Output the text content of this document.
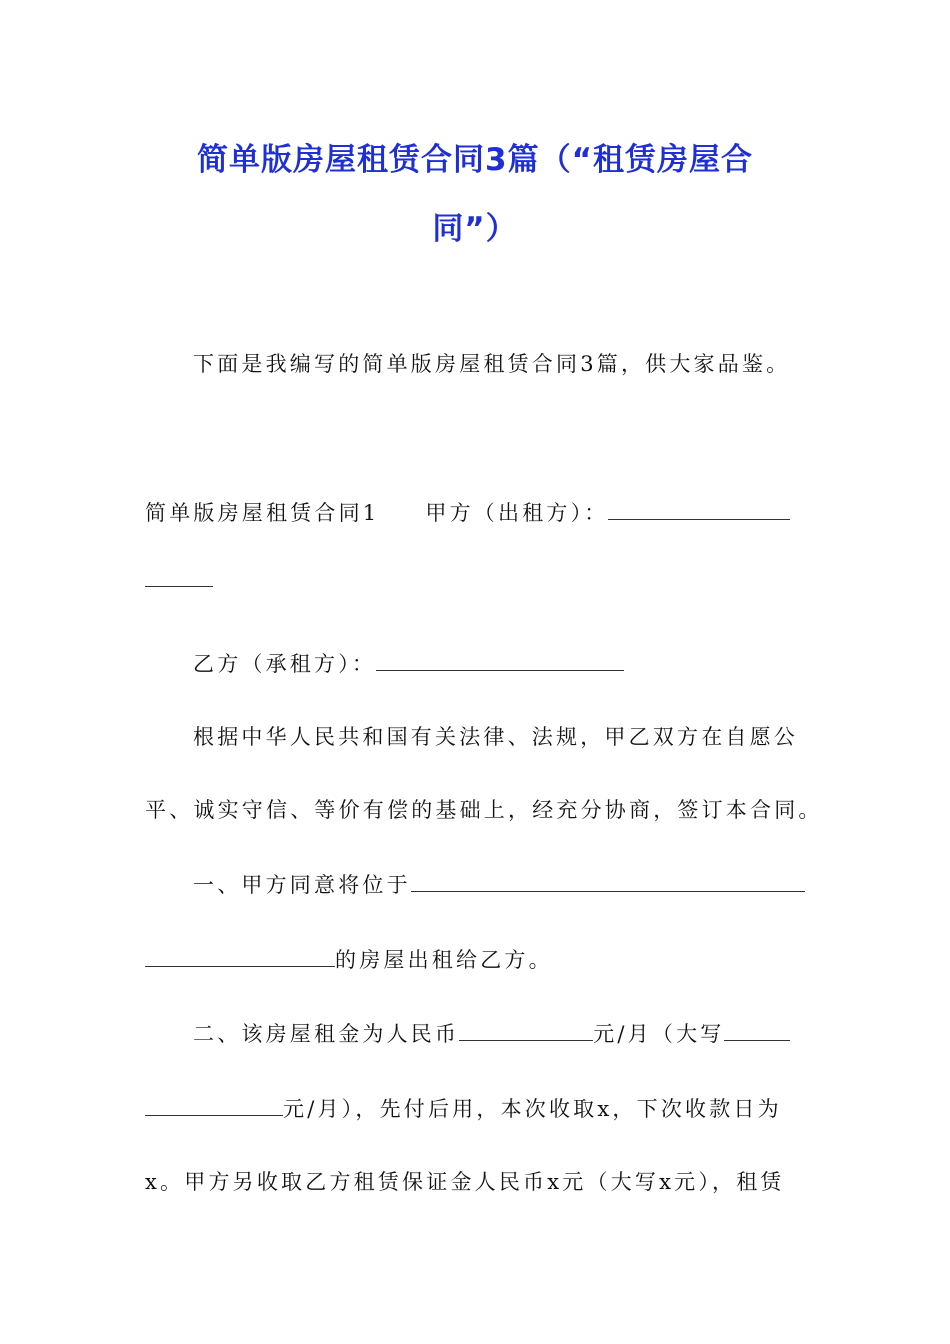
简单版房屋租赁合同3篇（“租赁房屋合
同”）
下面是我编写的简单版房屋租赁合同3篇，供大家品鉴。
简单版房屋租赁合同1 甲方（出租方）：
乙方（承租方）：
根据中华人民共和国有关法律、法规，甲乙双方在自愿公
平、诚实守信、等价有偿的基础上，经充分协商，签订本合同。
一、甲方同意将位于
的房屋出租给乙方。
二、该房屋租金为人民币	元/月（大写
元/月），先付后用，本次收取x，下次收款日为
x。甲方另收取乙方租赁保证金人民币x元（大写x元），租赁
